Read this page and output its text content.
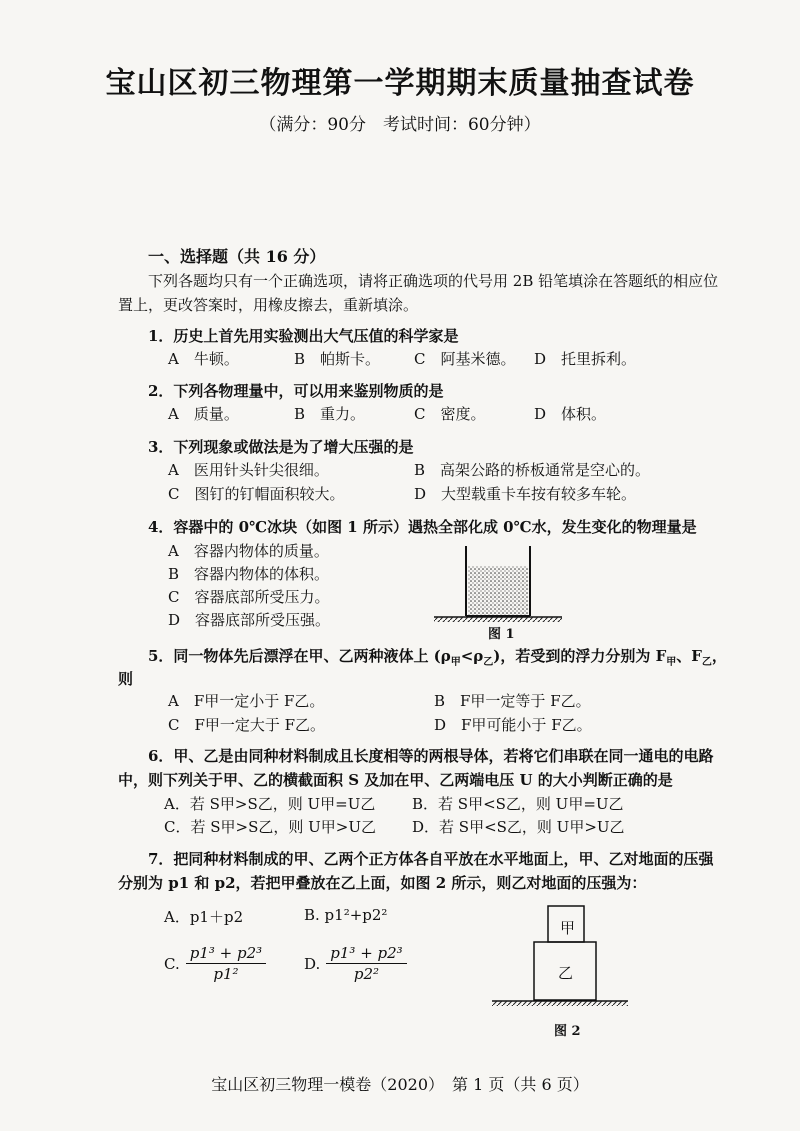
宝山区初三物理第一学期期末质量抽查试卷
（满分：90分　考试时间：60分钟）
一、选择题（共 16 分）
下列各题均只有一个正确选项，请将正确选项的代号用 2B 铅笔填涂在答题纸的相应位
置上，更改答案时，用橡皮擦去，重新填涂。
1．历史上首先用实验测出大气压值的科学家是
A　牛顿。	B　帕斯卡。 C　阿基米德。 D　托里拆利。
2．下列各物理量中，可以用来鉴别物质的是
A　质量。	B　重力。	C　密度。	D　体积。
3．下列现象或做法是为了增大压强的是
A　医用针头针尖很细。	B　高架公路的桥板通常是空心的。
C　图钉的钉帽面积较大。	D　大型载重卡车按有较多车轮。
4．容器中的 0℃冰块（如图 1 所示）遇热全部化成 0℃水，发生变化的物理量是
A　容器内物体的质量。
B　容器内物体的体积。
C　容器底部所受压力。
D　容器底部所受压强。
图 1
5．同一物体先后漂浮在甲、乙两种液体上 $(\rho_甲<\rho_乙)$，若受到的浮力分别为 $F_甲$、$F_乙$，
则
A　F甲一定小于 F乙。	B　F甲一定等于 F乙。
C　F甲一定大于 F乙。	D　F甲可能小于 F乙。
6．甲、乙是由同种材料制成且长度相等的两根导体，若将它们串联在同一通电的电路
中，则下列关于甲、乙的横截面积 S 及加在甲、乙两端电压 U 的大小判断正确的是
A．若 S甲>S乙，则 U甲=U乙 B．若 S甲<S乙，则 U甲=U乙
C．若 S甲>S乙，则 U甲>U乙 D．若 S甲<S乙，则 U甲>U乙
7．把同种材料制成的甲、乙两个正方体各自平放在水平地面上，甲、乙对地面的压强
分别为 p1 和 p2，若把甲叠放在乙上面，如图 2 所示，则乙对地面的压强为：
A．p1＋p2	B. p1²+p2²
C. $\frac{\text{p1³ + p2³}}{\text{p1²}}$	D. $\frac{\text{p1³ + p2³}}{\text{p2²}}$
甲
乙
图 2
宝山区初三物理一模卷（2020）　第 1 页（共 6 页）
